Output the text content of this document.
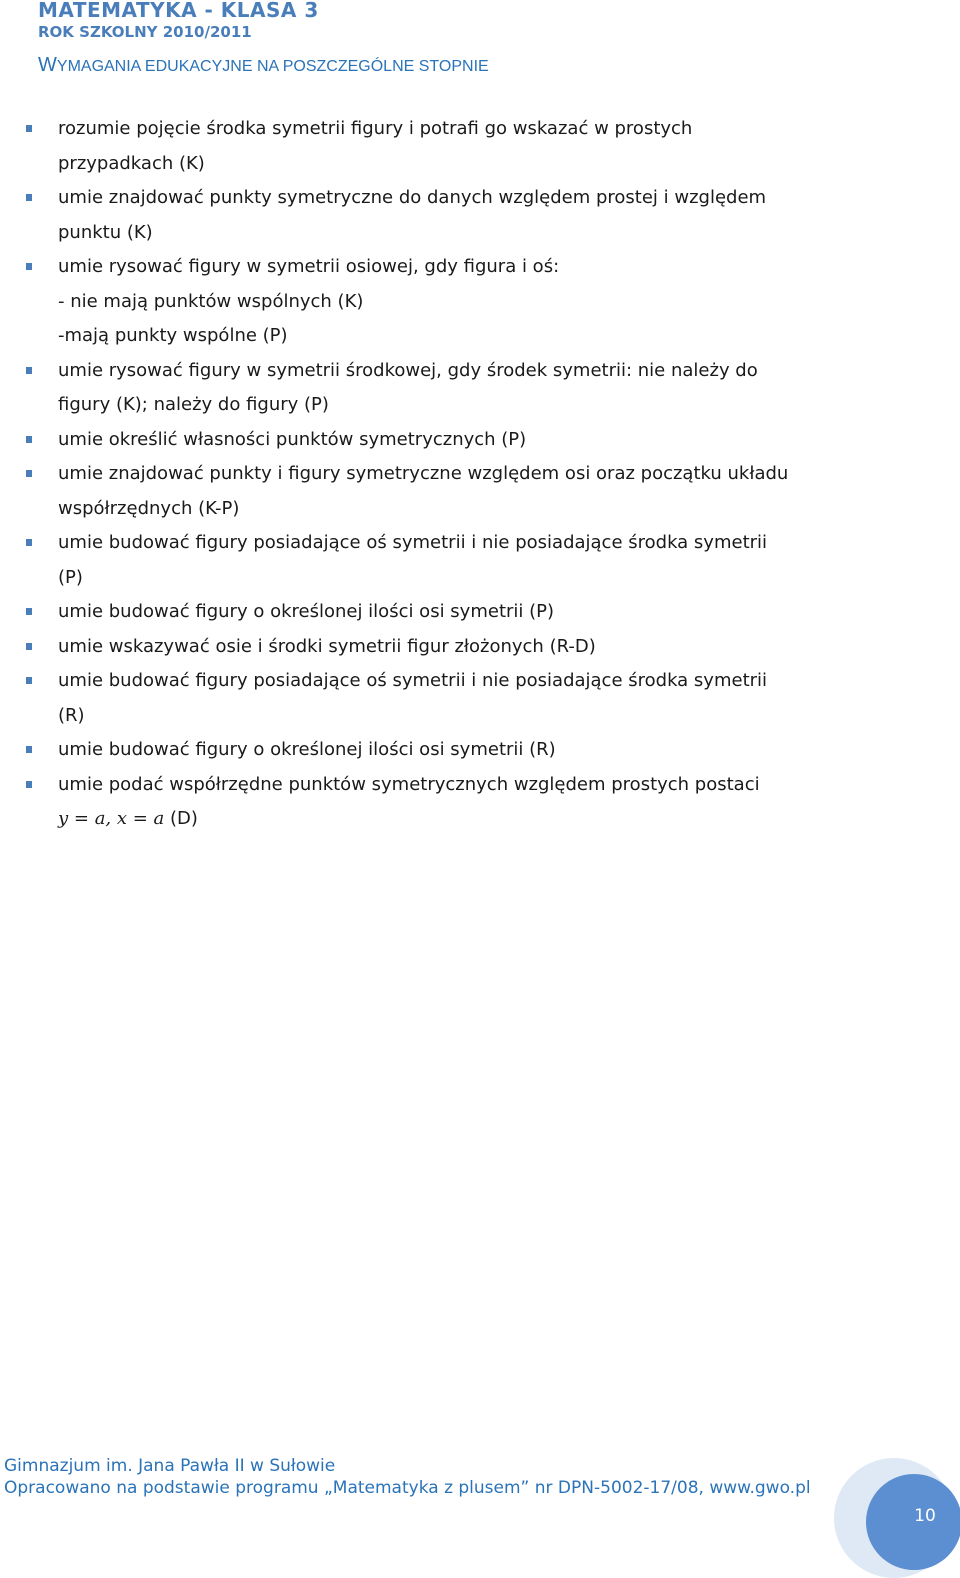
MATEMATYKA - KLASA 3
ROK SZKOLNY 2010/2011
WYMAGANIA EDUKACYJNE NA POSZCZEGÓLNE STOPNIE
rozumie pojęcie środka symetrii figury i potrafi go wskazać w prostych
przypadkach (K)
umie znajdować punkty symetryczne do danych względem prostej i względem
punktu (K)
umie rysować figury w symetrii osiowej, gdy figura i oś:
- nie mają punktów wspólnych (K)
-mają punkty wspólne (P)
umie rysować figury w symetrii środkowej, gdy środek symetrii: nie należy do
figury (K); należy do figury (P)
umie określić własności punktów symetrycznych (P)
umie znajdować punkty i figury symetryczne względem osi oraz początku układu
współrzędnych (K-P)
umie budować figury posiadające oś symetrii i nie posiadające środka symetrii
(P)
umie budować figury o określonej ilości osi symetrii (P)
umie wskazywać osie i środki symetrii figur złożonych (R-D)
umie budować figury posiadające oś symetrii i nie posiadające środka symetrii
(R)
umie budować figury o określonej ilości osi symetrii (R)
umie podać współrzędne punktów symetrycznych względem prostych postaci
y = a, x = a (D)
Gimnazjum im. Jana Pawła II w Sułowie
Opracowano na podstawie programu „Matematyka z plusem” nr DPN-5002-17/08, www.gwo.pl
10
